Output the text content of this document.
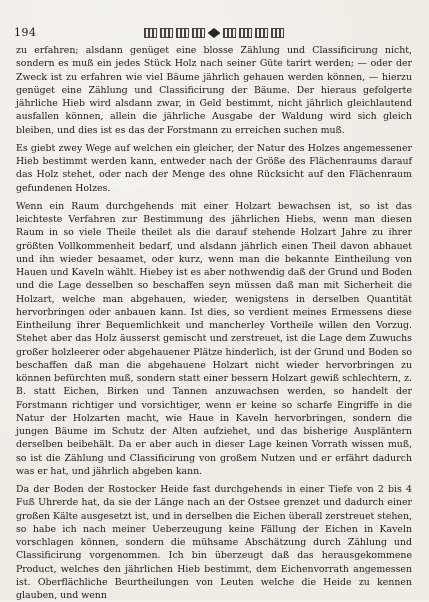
194

zu erfahren; alsdann genüget eine blosse Zählung und Classificirung nicht, sondern es muß ein jedes Stück Holz nach seiner Güte tarirt werden; — oder der Zweck ist zu erfahren wie viel Bäume jährlich gehauen werden können, — hierzu genüget eine Zählung und Classificirung der Bäume. Der hieraus gefolgerte jährliche Hieb wird alsdann zwar, in Geld bestimmt, nicht jährlich gleichlautend ausfallen können, allein die jährliche Ausgabe der Waldung wird sich gleich bleiben, und dies ist es das der Forstmann zu erreichen suchen muß.

Es giebt zwey Wege auf welchen ein gleicher, der Natur des Holzes angemessener Hieb bestimmt werden kann, entweder nach der Größe des Flächenraums darauf das Holz stehet, oder nach der Menge des ohne Rücksicht auf den Flächenraum gefundenen Holzes.

Wenn ein Raum durchgehends mit einer Holzart bewachsen ist, so ist das leichteste Verfahren zur Bestimmung des jährlichen Hiebs, wenn man diesen Raum in so viele Theile theilet als die darauf stehende Holzart Jahre zu ihrer größten Vollkommenheit bedarf, und alsdann jährlich einen Theil davon abhauet und ihn wieder besaamet, oder kurz, wenn man die bekannte Eintheilung von Hauen und Kaveln wählt. Hiebey ist es aber nothwendig daß der Grund und Boden und die Lage desselben so beschaffen seyn müssen daß man mit Sicherheit die Holzart, welche man abgehauen, wieder, wenigstens in derselben Quantität hervorbringen oder anbauen kann. Ist dies, so verdient meines Ermessens diese Eintheilung ihrer Bequemlichkeit und mancherley Vortheile willen den Vorzug. Stehet aber das Holz äusserst gemischt und zerstreuet, ist die Lage dem Zuwuchs großer holzleerer oder abgehauener Plätze hinderlich, ist der Grund und Boden so beschaffen daß man die abgehauene Holzart nicht wieder hervorbringen zu können befürchten muß, sondern statt einer bessern Holzart gewiß schlechtern, z. B. statt Eichen, Birken und Tannen anzuwachsen werden, so handelt der Forstmann richtiger und vorsichtiger, wenn er keine so scharfe Eingriffe in die Natur der Holzarten macht, wie Haue in Kaveln hervorbringen, sondern die jungen Bäume im Schutz der Alten aufziehet, und das bisherige Auspläntern derselben beibehält. Da er aber auch in dieser Lage keinen Vorrath wissen muß, so ist die Zählung und Classificirung von großem Nutzen und er erfährt dadurch was er hat, und jährlich abgeben kann.

Da der Boden der Rostocker Heide fast durchgehends in einer Tiefe von 2 bis 4 Fuß Uhrerde hat, da sie der Länge nach an der Ostsee grenzet und dadurch einer großen Kälte ausgesetzt ist, und in derselben die Eichen überall zerstreuet stehen, so habe ich nach meiner Ueberzeugung keine Fällung der Eichen in Kaveln vorschlagen können, sondern die mühsame Abschätzung durch Zählung und Classificirung vorgenommen. Ich bin überzeugt daß das herausgekommene Product, welches den jährlichen Hieb bestimmt, dem Eichenvorrath angemessen ist. Oberflächliche Beurtheilungen von Leuten welche die Heide zu kennen glauben, und wenn
